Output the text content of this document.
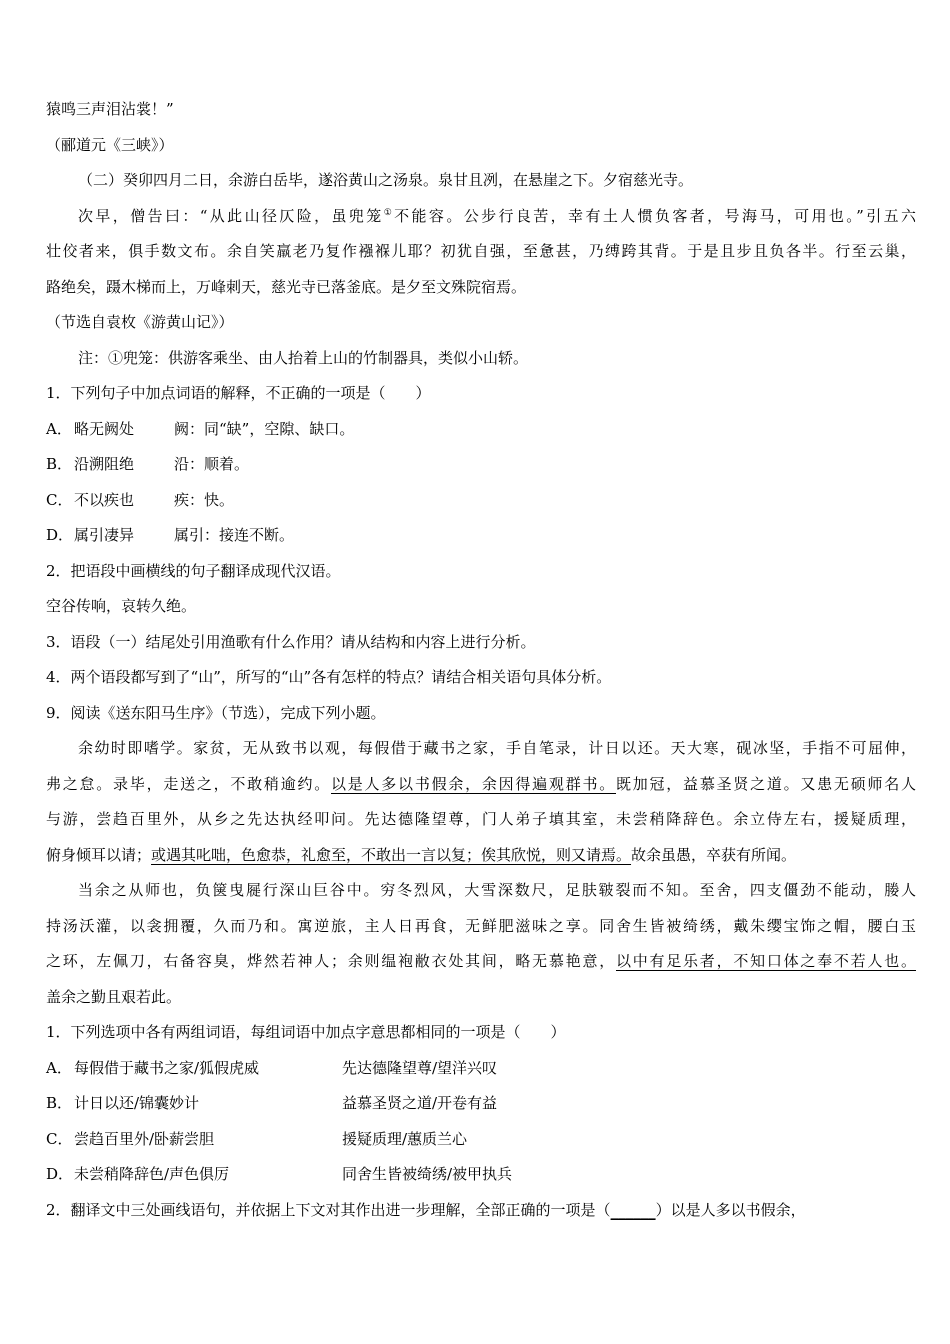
猿鸣三声泪沾裳！”
（郦道元《三峡》）
（二）癸卯四月二日，余游白岳毕，遂浴黄山之汤泉。泉甘且冽，在悬崖之下。夕宿慈光寺。
次早，僧告曰：“从此山径仄险，虽兜笼①不能容。公步行良苦，幸有土人惯负客者，号海马，可用也。”引五六
壮佼者来，俱手数文布。余自笑羸老乃复作襁褓儿耶？初犹自强，至惫甚，乃缚跨其背。于是且步且负各半。行至云巢，
路绝矣，蹑木梯而上，万峰刺天，慈光寺已落釜底。是夕至文殊院宿焉。
（节选自袁枚《游黄山记》）
注：①兜笼：供游客乘坐、由人抬着上山的竹制器具，类似小山轿。
1．下列句子中加点词语的解释，不正确的一项是（　　）
A． 略无阙处	阙：同“缺”，空隙、缺口。
B． 沿溯阻绝	沿：顺着。
C． 不以疾也	疾：快。
D．属引凄异	属引：接连不断。
2．把语段中画横线的句子翻译成现代汉语。
空谷传响，哀转久绝。
3．语段（一）结尾处引用渔歌有什么作用？请从结构和内容上进行分析。
4．两个语段都写到了“山”，所写的“山”各有怎样的特点？请结合相关语句具体分析。
9．阅读《送东阳马生序》（节选），完成下列小题。
余幼时即嗜学。家贫，无从致书以观，每假借于藏书之家，手自笔录，计日以还。天大寒，砚冰坚，手指不可屈伸，
弗之怠。录毕，走送之，不敢稍逾约。以是人多以书假余，余因得遍观群书。既加冠，益慕圣贤之道。又患无硕师名人
与游，尝趋百里外，从乡之先达执经叩问。先达德隆望尊，门人弟子填其室，未尝稍降辞色。余立侍左右，援疑质理，
俯身倾耳以请；或遇其叱咄，色愈恭，礼愈至，不敢出一言以复；俟其欣悦，则又请焉。故余虽愚，卒获有所闻。
当余之从师也，负箧曳屣行深山巨谷中。穷冬烈风，大雪深数尺，足肤皲裂而不知。至舍，四支僵劲不能动，媵人
持汤沃灌，以衾拥覆，久而乃和。寓逆旅，主人日再食，无鲜肥滋味之享。同舍生皆被绮绣，戴朱缨宝饰之帽，腰白玉
之环，左佩刀，右备容臭，烨然若神人；余则缊袍敝衣处其间，略无慕艳意，以中有足乐者，不知口体之奉不若人也。
盖余之勤且艰若此。
1．下列选项中各有两组词语，每组词语中加点字意思都相同的一项是（　　）
A． 每假借于藏书之家/狐假虎威	先达德隆望尊/望洋兴叹
B． 计日以还/锦囊妙计	益慕圣贤之道/开卷有益
C． 尝趋百里外/卧薪尝胆	援疑质理/蕙质兰心
D．未尝稍降辞色/声色俱厉	同舍生皆被绮绣/被甲执兵
2．翻译文中三处画线语句，并依据上下文对其作出进一步理解，全部正确的一项是（______）以是人多以书假余，
